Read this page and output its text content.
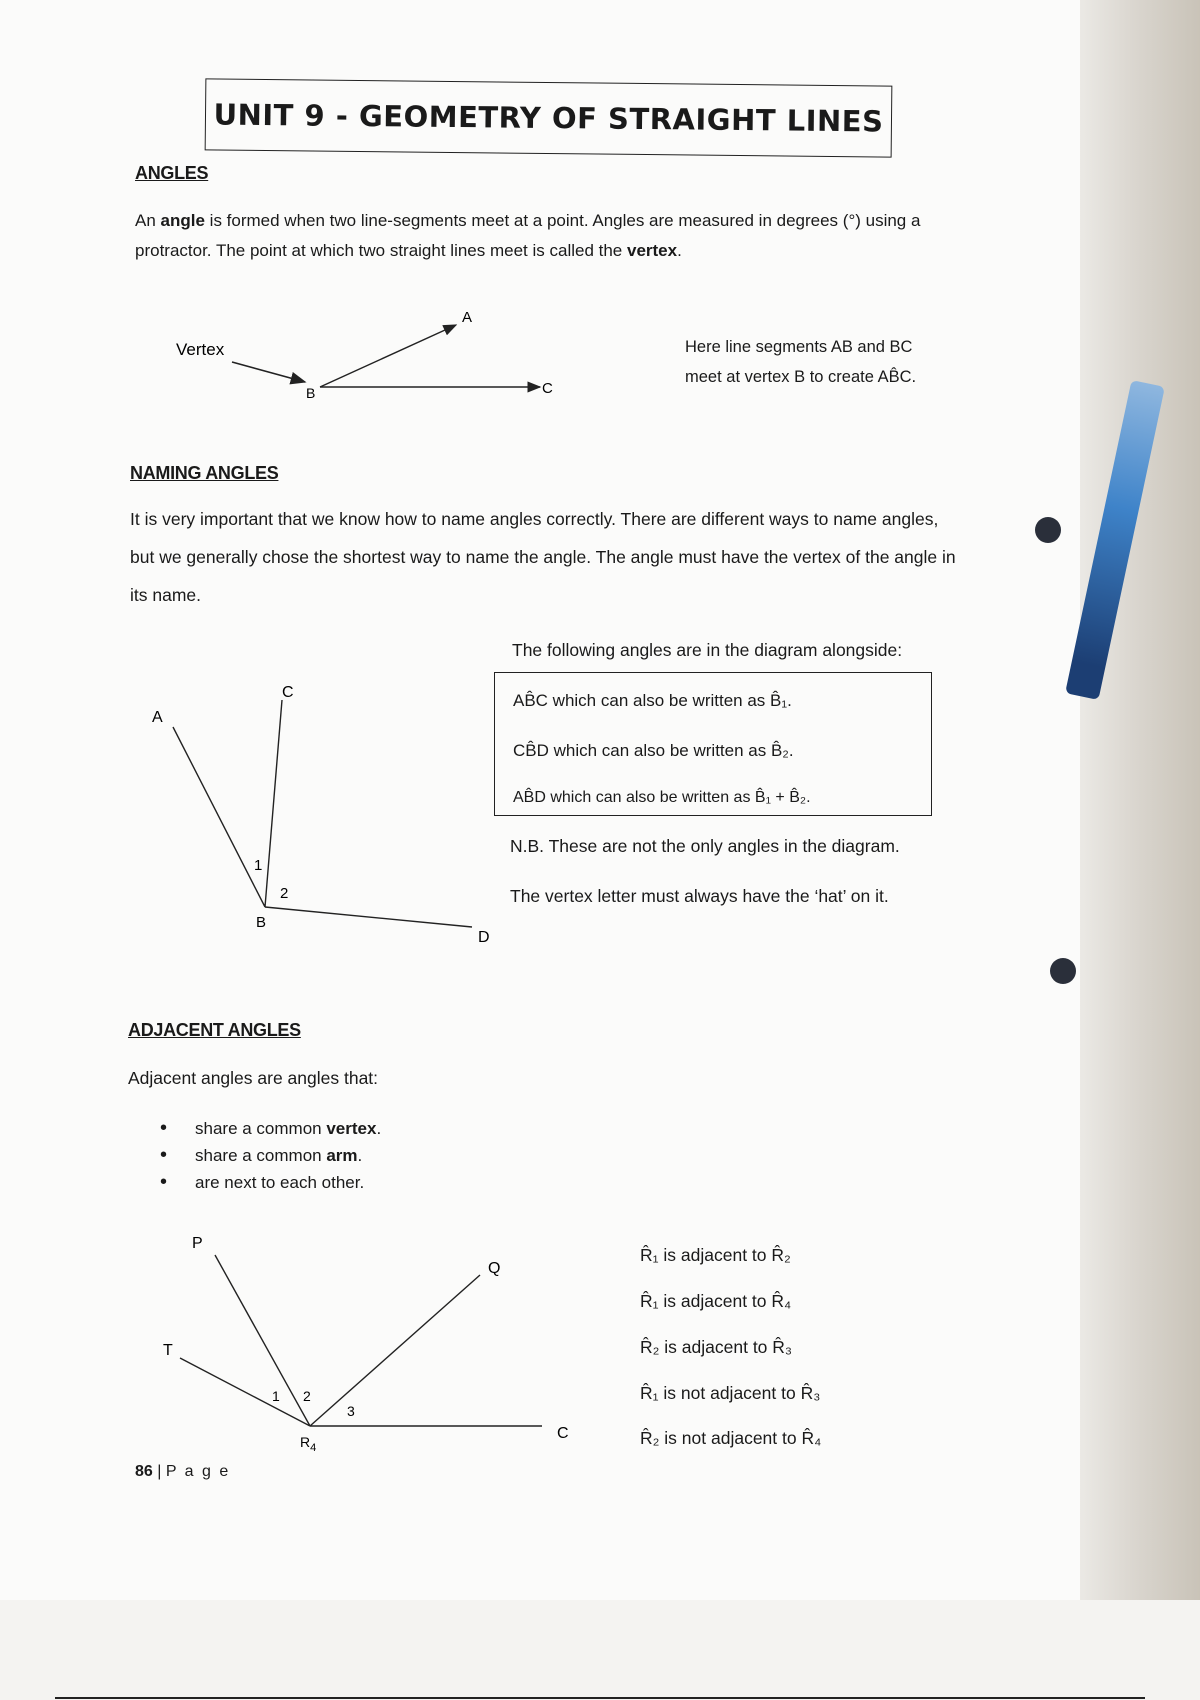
UNIT 9 - GEOMETRY OF STRAIGHT LINES
ANGLES
An angle is formed when two line-segments meet at a point. Angles are measured in degrees (°) using a protractor. The point at which two straight lines meet is called the vertex.
Vertex
A
B	C
Here line segments AB and BC
meet at vertex B to create AB̂C.
NAMING ANGLES
It is very important that we know how to name angles correctly. There are different ways to name angles, but we generally chose the shortest way to name the angle. The angle must have the vertex of the angle in its name.
A
C
B
D
1
2
The following angles are in the diagram alongside:
AB̂C which can also be written as B̂₁.
CB̂D which can also be written as B̂₂.
AB̂D which can also be written as B̂₁ + B̂₂.
N.B. These are not the only angles in the diagram.
The vertex letter must always have the ‘hat’ on it.
ADJACENT ANGLES
Adjacent angles are angles that:
• share a common vertex.
• share a common arm.
• are next to each other.
P
Q
T
C
$R_4$
1 2
3
R̂₁ is adjacent to R̂₂
R̂₁ is adjacent to R̂₄
R̂₂ is adjacent to R̂₃
R̂₁ is not adjacent to R̂₃
R̂₂ is not adjacent to R̂₄
86 | P a g e
